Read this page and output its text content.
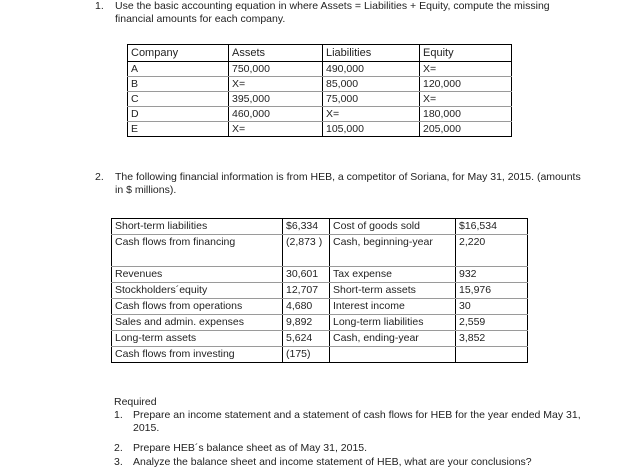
1. Use the basic accounting equation in where Assets = Liabilities + Equity, compute the missing financial amounts for each company.
Company	Assets	Liabilities	Equity
A	750,000	490,000	X=
B	X=	85,000	120,000
C	395,000	75,000	X=
D	460,000	X=	180,000
E	X=	105,000	205,000
2. The following financial information is from HEB, a competitor of Soriana, for May 31, 2015. (amounts in $ millions).
Short-term liabilities	$6,334	Cost of goods sold	$16,534
Cash flows from financing	(2,873 )	Cash, beginning-year	2,220
Revenues	30,601	Tax expense	932
Stockholders´equity	12,707	Short-term assets	15,976
Cash flows from operations	4,680	Interest income	30
Sales and admin. expenses	9,892	Long-term liabilities	2,559
Long-term assets	5,624	Cash, ending-year	3,852
Cash flows from investing	(175)		
Required
1. Prepare an income statement and a statement of cash flows for HEB for the year ended May 31, 2015.
2. Prepare HEB´s balance sheet as of May 31, 2015.
3. Analyze the balance sheet and income statement of HEB, what are your conclusions?
